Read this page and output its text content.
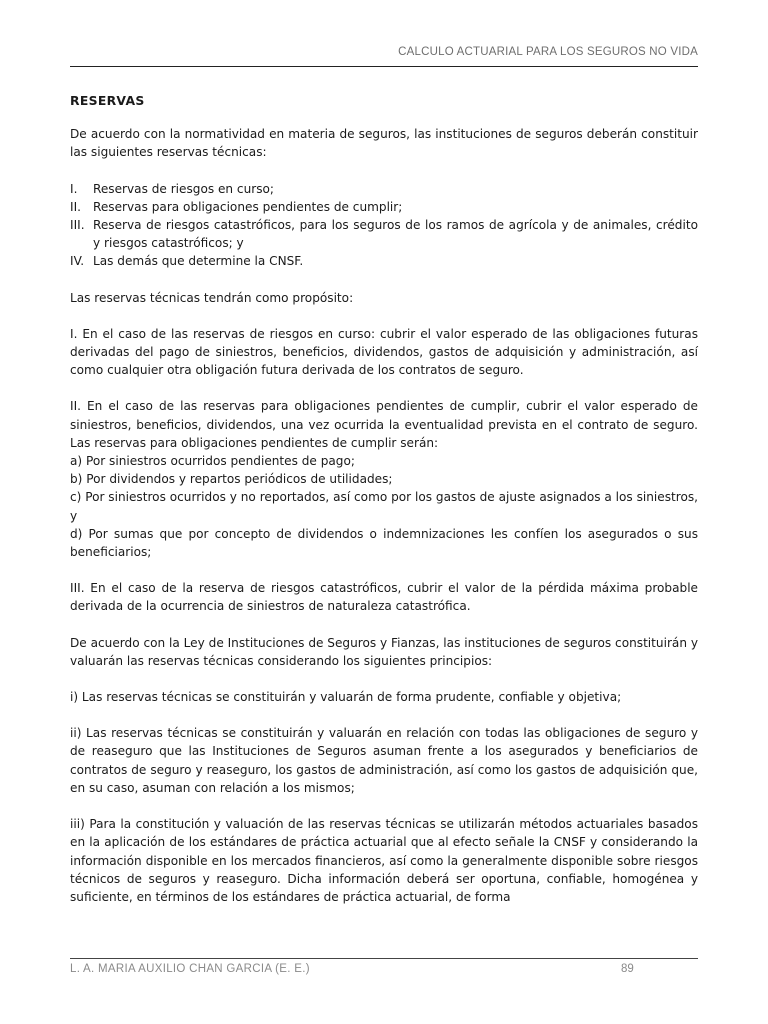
CALCULO ACTUARIAL PARA LOS SEGUROS NO VIDA
RESERVAS

De acuerdo con la normatividad en materia de seguros, las instituciones de seguros deberán constituir las siguientes reservas técnicas:

I.	Reservas de riesgos en curso;
II. Reservas para obligaciones pendientes de cumplir;
III. Reserva de riesgos catastróficos, para los seguros de los ramos de agrícola y de animales, crédito y riesgos catastróficos; y
IV. Las demás que determine la CNSF.

Las reservas técnicas tendrán como propósito:

I. En el caso de las reservas de riesgos en curso: cubrir el valor esperado de las obligaciones futuras derivadas del pago de siniestros, beneficios, dividendos, gastos de adquisición y administración, así como cualquier otra obligación futura derivada de los contratos de seguro.

II. En el caso de las reservas para obligaciones pendientes de cumplir, cubrir el valor esperado de siniestros, beneficios, dividendos, una vez ocurrida la eventualidad prevista en el contrato de seguro. Las reservas para obligaciones pendientes de cumplir serán:

a) Por siniestros ocurridos pendientes de pago;
b) Por dividendos y repartos periódicos de utilidades;
c) Por siniestros ocurridos y no reportados, así como por los gastos de ajuste asignados a los siniestros, y
d) Por sumas que por concepto de dividendos o indemnizaciones les confíen los asegurados o sus beneficiarios;

III. En el caso de la reserva de riesgos catastróficos, cubrir el valor de la pérdida máxima probable derivada de la ocurrencia de siniestros de naturaleza catastrófica.

De acuerdo con la Ley de Instituciones de Seguros y Fianzas, las instituciones de seguros constituirán y valuarán las reservas técnicas considerando los siguientes principios:

i) Las reservas técnicas se constituirán y valuarán de forma prudente, confiable y objetiva;

ii) Las reservas técnicas se constituirán y valuarán en relación con todas las obligaciones de seguro y de reaseguro que las Instituciones de Seguros asuman frente a los asegurados y beneficiarios de contratos de seguro y reaseguro, los gastos de administración, así como los gastos de adquisición que, en su caso, asuman con relación a los mismos;

iii) Para la constitución y valuación de las reservas técnicas se utilizarán métodos actuariales basados en la aplicación de los estándares de práctica actuarial que al efecto señale la CNSF y considerando la información disponible en los mercados financieros, así como la generalmente disponible sobre riesgos técnicos de seguros y reaseguro. Dicha información deberá ser oportuna, confiable, homogénea y suficiente, en términos de los estándares de práctica actuarial, de forma

L. A. MARIA AUXILIO CHAN GARCIA (E. E.)	89
